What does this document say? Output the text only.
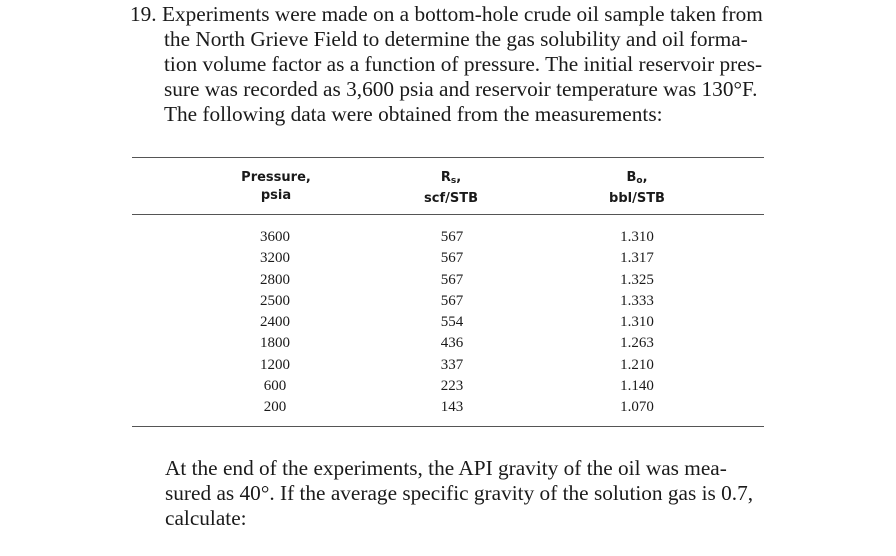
19. Experiments were made on a bottom-hole crude oil sample taken from
the North Grieve Field to determine the gas solubility and oil forma-
tion volume factor as a function of pressure. The initial reservoir pres-
sure was recorded as 3,600 psia and reservoir temperature was 130°F.
The following data were obtained from the measurements:
Pressure,
psia
$R_s$,
scf/STB
$B_o$,
bbl/STB
3600
3200
2800
2500
2400
1800
1200
600
200
567
567
567
567
554
436
337
223
143
1.310
1.317
1.325
1.333
1.310
1.263
1.210
1.140
1.070
At the end of the experiments, the API gravity of the oil was mea-
sured as 40°. If the average specific gravity of the solution gas is 0.7,
calculate:
